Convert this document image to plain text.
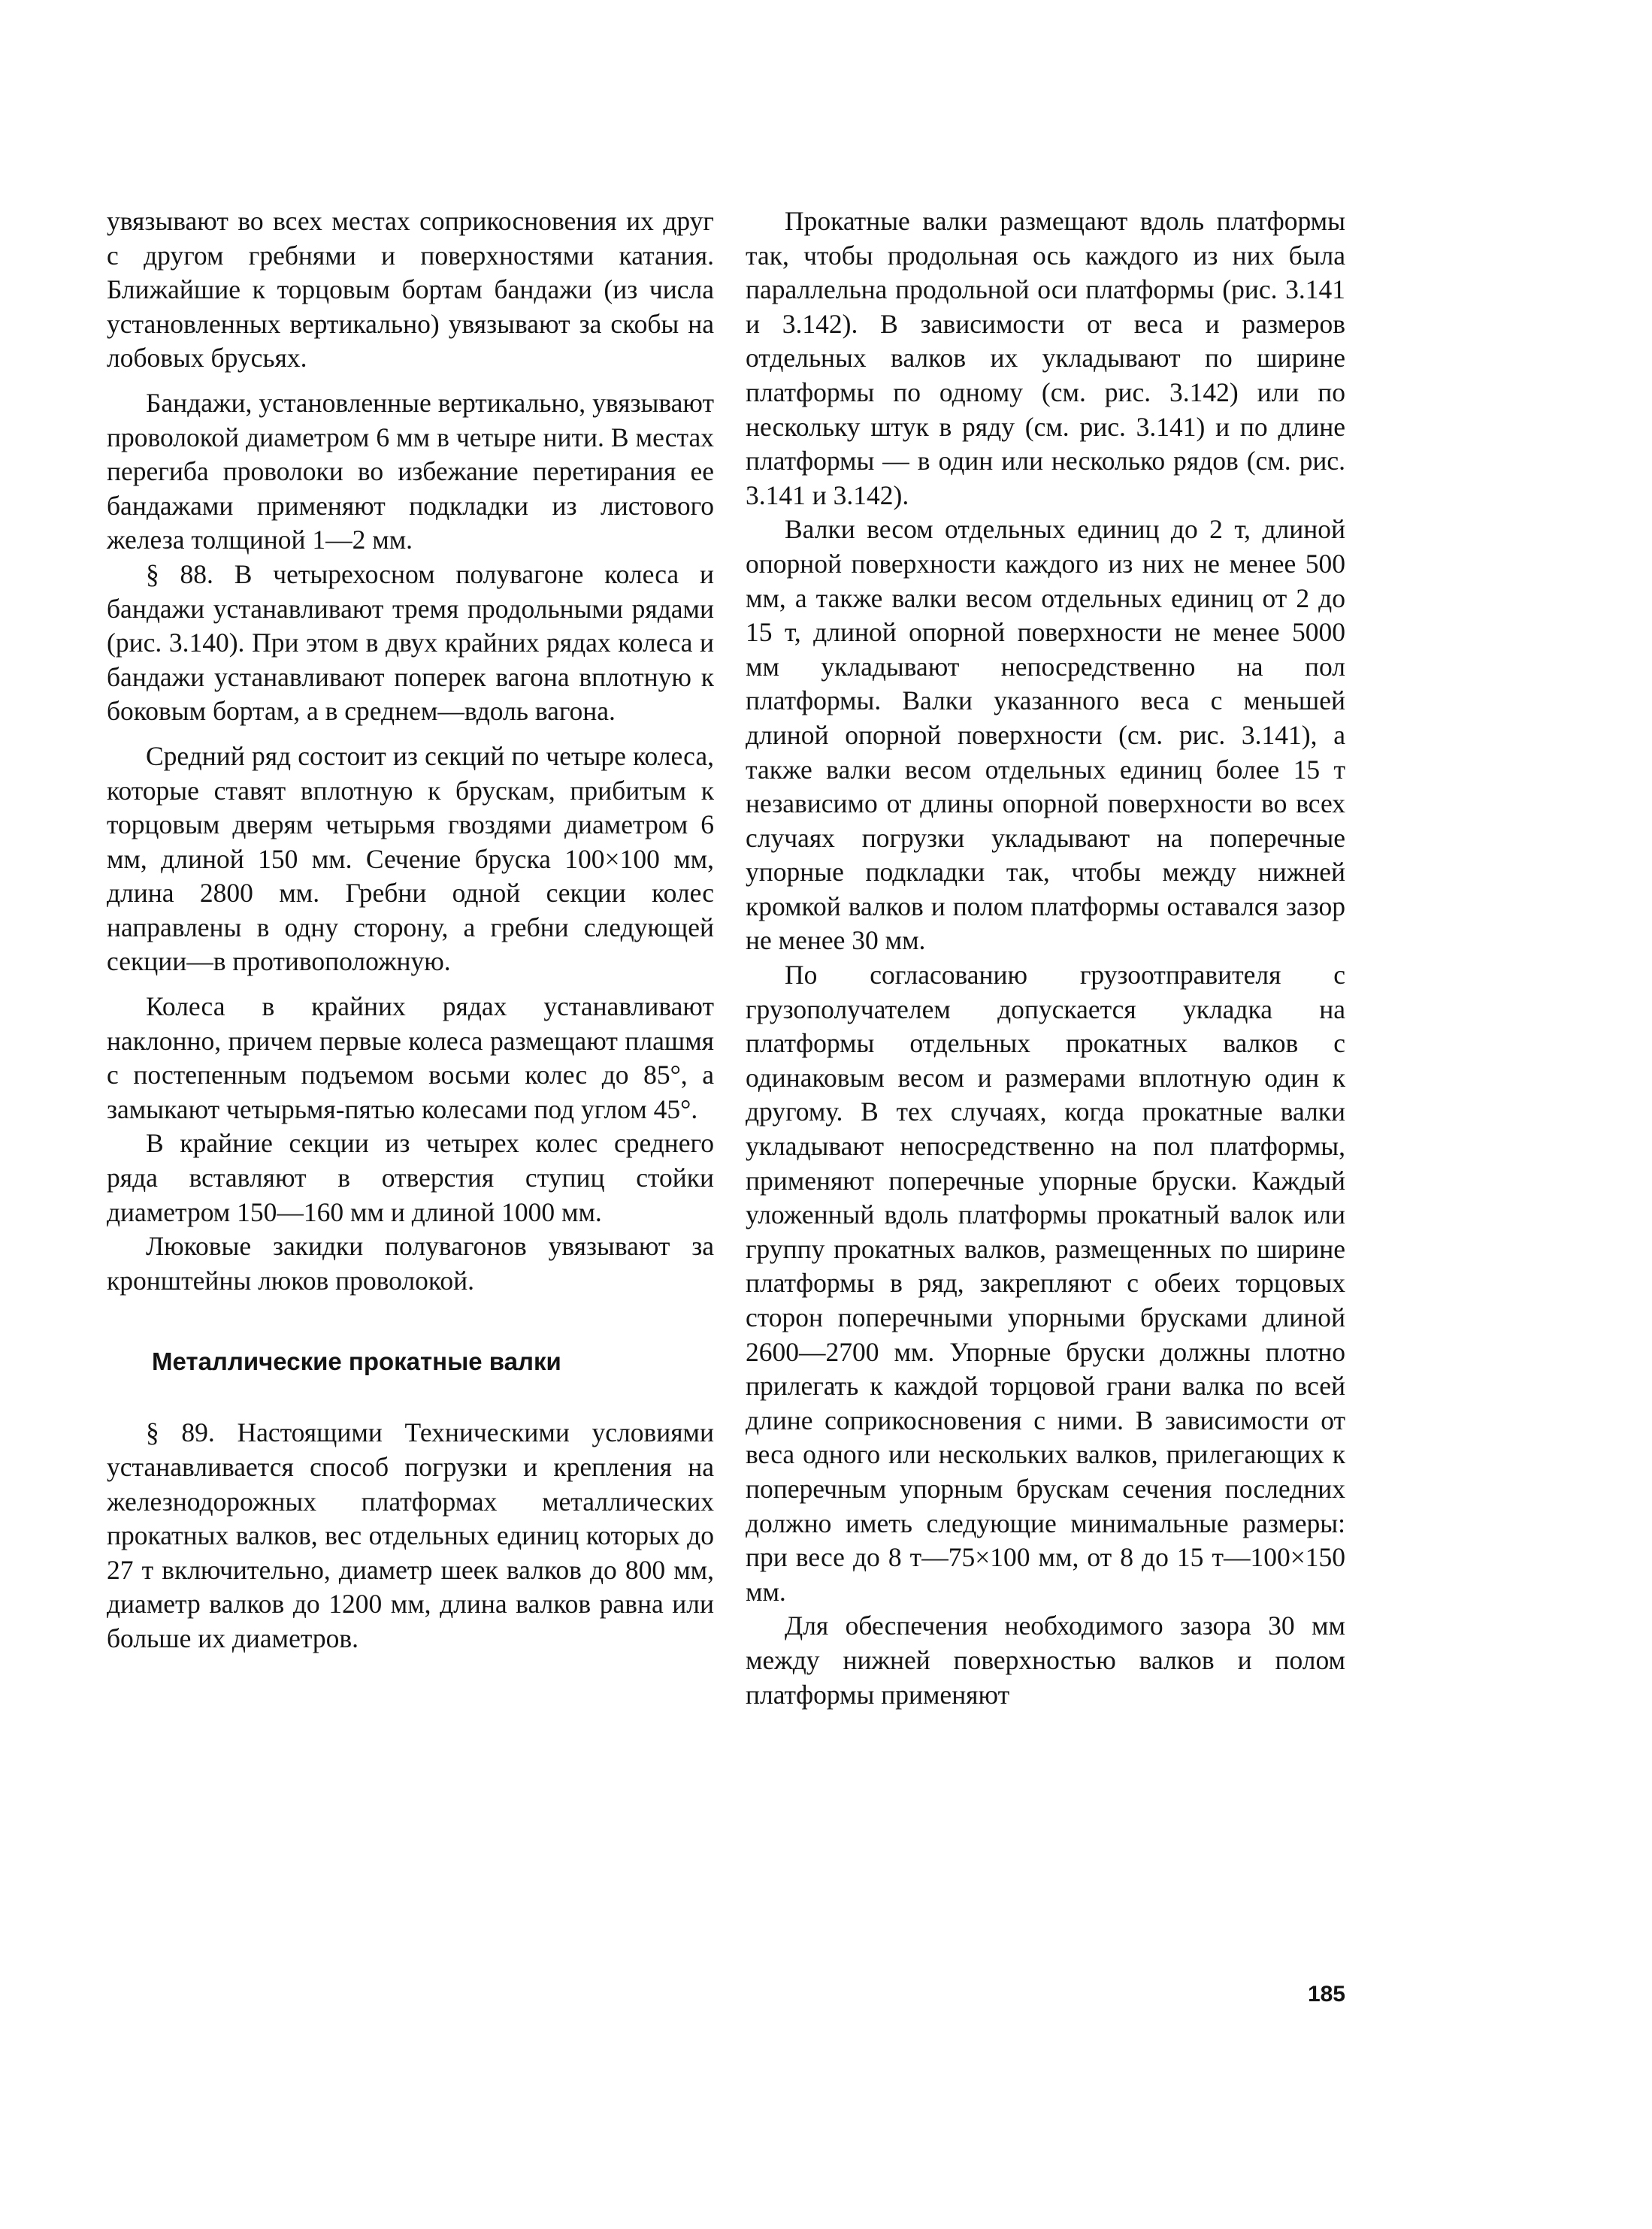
увязывают во всех местах соприкосновения их друг с другом гребнями и поверхностями катания. Ближайшие к торцовым бортам бандажи (из числа установленных вертикально) увязывают за скобы на лобовых брусьях.

Бандажи, установленные вертикально, увязывают проволокой диаметром 6 мм в четыре нити. В местах перегиба проволоки во избежание перетирания ее бандажами применяют подкладки из листового железа толщиной 1—2 мм.

§ 88. В четырехосном полувагоне колеса и бандажи устанавливают тремя продольными рядами (рис. 3.140). При этом в двух крайних рядах колеса и бандажи устанавливают поперек вагона вплотную к боковым бортам, а в среднем—вдоль вагона.

Средний ряд состоит из секций по четыре колеса, которые ставят вплотную к брускам, прибитым к торцовым дверям четырьмя гвоздями диаметром 6 мм, длиной 150 мм. Сечение бруска 100×100 мм, длина 2800 мм. Гребни одной секции колес направлены в одну сторону, а гребни следующей секции—в противоположную.

Колеса в крайних рядах устанавливают наклонно, причем первые колеса размещают плашмя с постепенным подъемом восьми колес до 85°, а замыкают четырьмя-пятью колесами под углом 45°.

В крайние секции из четырех колес среднего ряда вставляют в отверстия ступиц стойки диаметром 150—160 мм и длиной 1000 мм.

Люковые закидки полувагонов увязывают за кронштейны люков проволокой.

Металлические прокатные валки

§ 89. Настоящими Техническими условиями устанавливается способ погрузки и крепления на железнодорожных платформах металлических прокатных валков, вес отдельных единиц которых до 27 т включительно, диаметр шеек валков до 800 мм, диаметр валков до 1200 мм, длина валков равна или больше их диаметров.

Прокатные валки размещают вдоль платформы так, чтобы продольная ось каждого из них была параллельна продольной оси платформы (рис. 3.141 и 3.142). В зависимости от веса и размеров отдельных валков их укладывают по ширине платформы по одному (см. рис. 3.142) или по нескольку штук в ряду (см. рис. 3.141) и по длине платформы — в один или несколько рядов (см. рис. 3.141 и 3.142).

Валки весом отдельных единиц до 2 т, длиной опорной поверхности каждого из них не менее 500 мм, а также валки весом отдельных единиц от 2 до 15 т, длиной опорной поверхности не менее 5000 мм укладывают непосредственно на пол платформы. Валки указанного веса с меньшей длиной опорной поверхности (см. рис. 3.141), а также валки весом отдельных единиц более 15 т независимо от длины опорной поверхности во всех случаях погрузки укладывают на поперечные упорные подкладки так, чтобы между нижней кромкой валков и полом платформы оставался зазор не менее 30 мм.

По согласованию грузоотправителя с грузополучателем допускается укладка на платформы отдельных прокатных валков с одинаковым весом и размерами вплотную один к другому. В тех случаях, когда прокатные валки укладывают непосредственно на пол платформы, применяют поперечные упорные бруски. Каждый уложенный вдоль платформы прокатный валок или группу прокатных валков, размещенных по ширине платформы в ряд, закрепляют с обеих торцовых сторон поперечными упорными брусками длиной 2600—2700 мм. Упорные бруски должны плотно прилегать к каждой торцовой грани валка по всей длине соприкосновения с ними. В зависимости от веса одного или нескольких валков, прилегающих к поперечным упорным брускам сечения последних должно иметь следующие минимальные размеры: при весе до 8 т—75×100 мм, от 8 до 15 т—100×150 мм.

Для обеспечения необходимого зазора 30 мм между нижней поверхностью валков и полом платформы применяют

185
